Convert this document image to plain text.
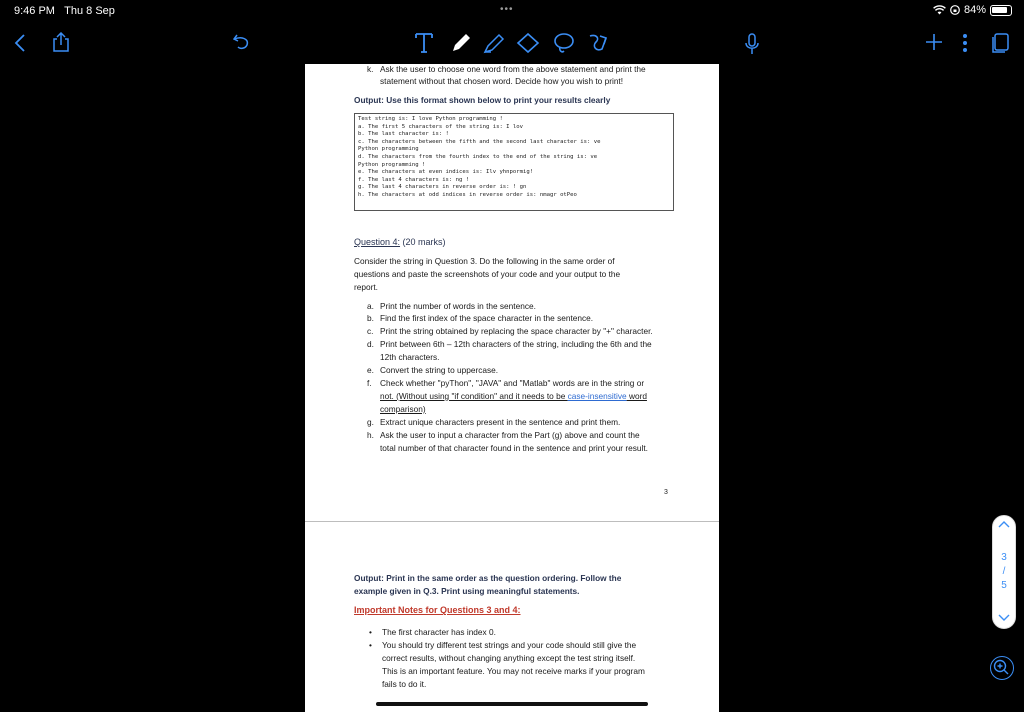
9:46 PM Thu 8 Sep	•••	84%
k. Ask the user to choose one word from the above statement and print the
statement without that chosen word. Decide how you wish to print!
Output: Use this format shown below to print your results clearly
Test string is: I love Python programming !
a. The first 5 characters of the string is: I lov
b. The last character is: !
c. The characters between the fifth and the second last character is: ve
Python programming
d. The characters from the fourth index to the end of the string is: ve
Python programming !
e. The characters at even indices is: Ilv yhnpormig!
f. The last 4 characters is: ng !
g. The last 4 characters in reverse order is: ! gn
h. The characters at odd indices in reverse order is: nmagr otPeo
Question 4: (20 marks)
Consider the string in Question 3. Do the following in the same order of
questions and paste the screenshots of your code and your output to the
report.
a. Print the number of words in the sentence.
b. Find the first index of the space character in the sentence.
c. Print the string obtained by replacing the space character by "+" character.
d. Print between 6th – 12th characters of the string, including the 6th and the
12th characters.
e. Convert the string to uppercase.
f. Check whether "pyThon", "JAVA" and "Matlab" words are in the string or
not. (Without using "if condition" and it needs to be case-insensitive word
comparison)
g. Extract unique characters present in the sentence and print them.
h. Ask the user to input a character from the Part (g) above and count the
total number of that character found in the sentence and print your result.
3
Output: Print in the same order as the question ordering. Follow the
example given in Q.3. Print using meaningful statements.
Important Notes for Questions 3 and 4:
• The first character has index 0.
• You should try different test strings and your code should still give the
correct results, without changing anything except the test string itself.
This is an important feature. You may not receive marks if your program
fails to do it.
3
/
5
